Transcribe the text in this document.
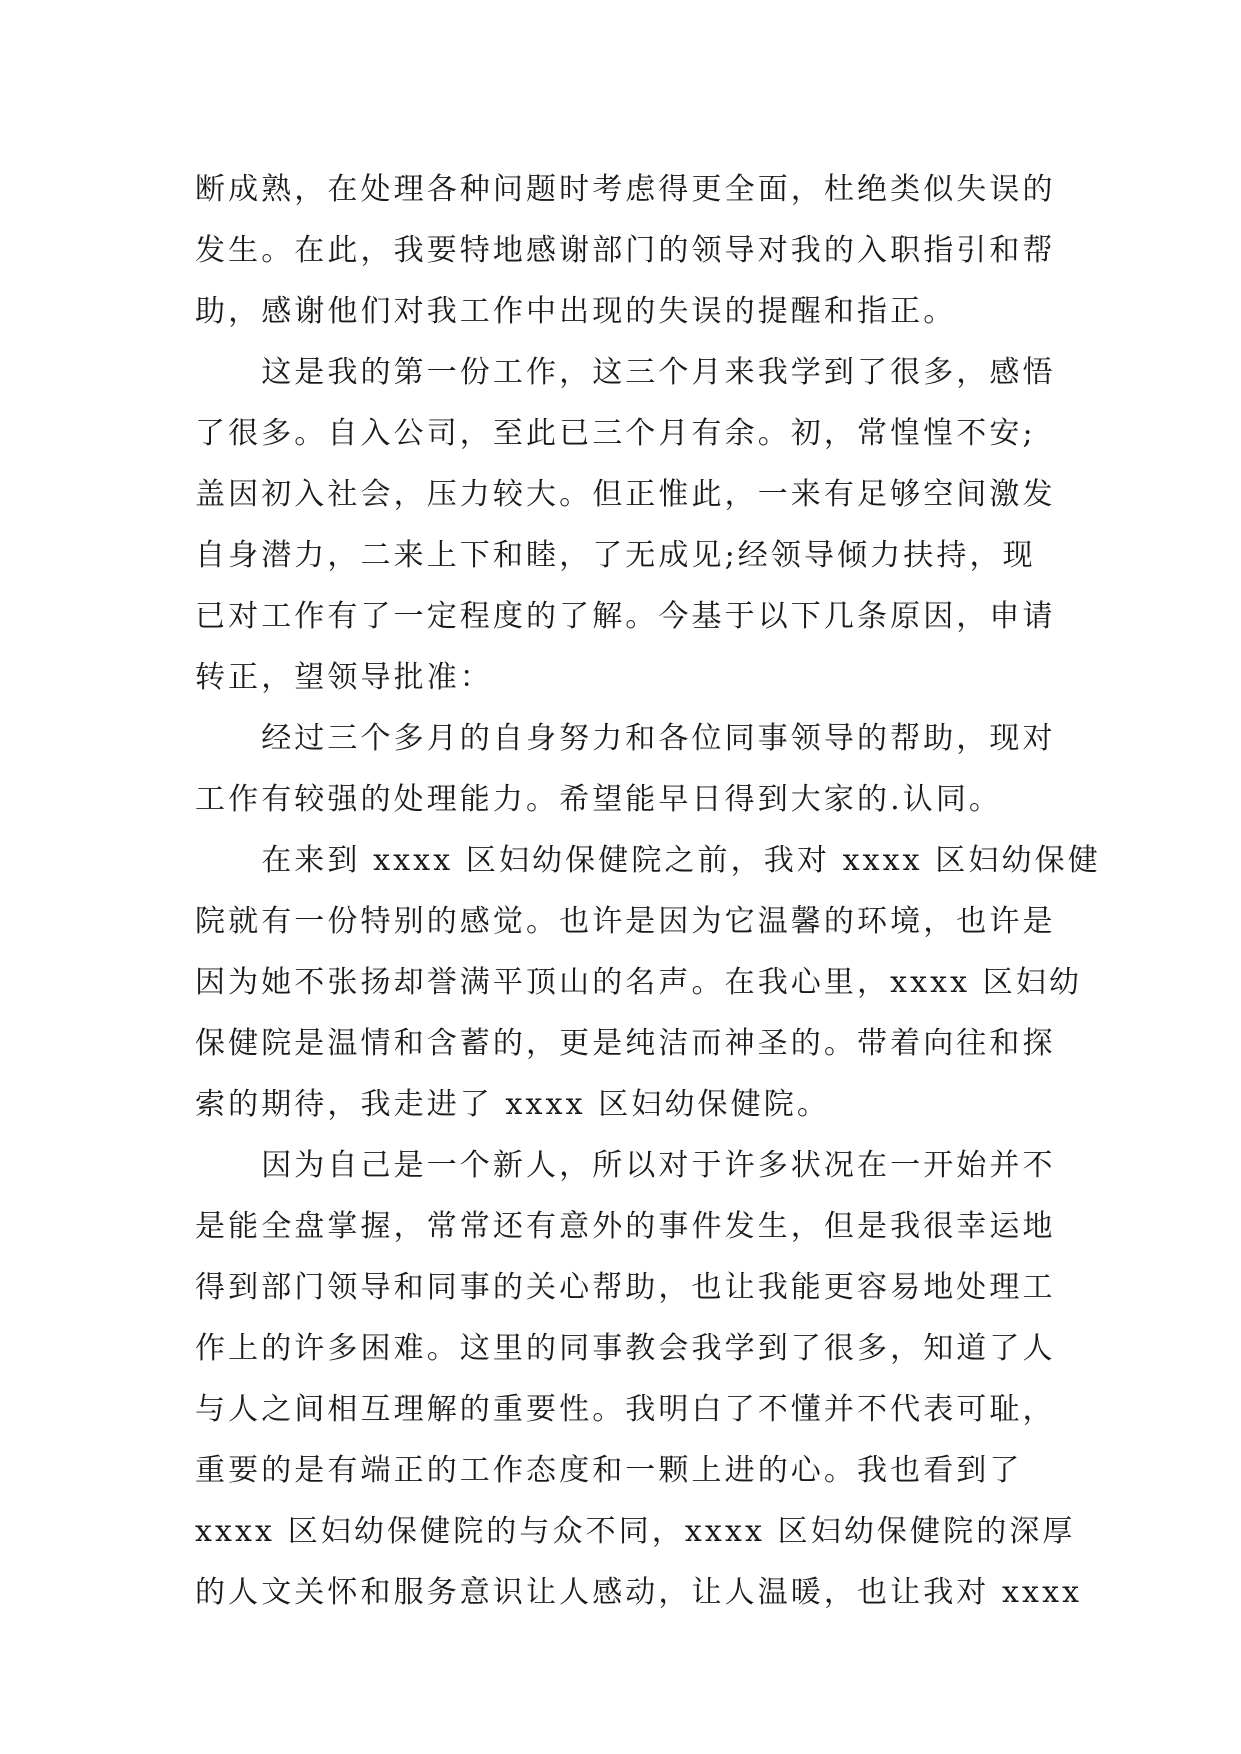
断成熟，在处理各种问题时考虑得更全面，杜绝类似失误的
发生。在此，我要特地感谢部门的领导对我的入职指引和帮
助，感谢他们对我工作中出现的失误的提醒和指正。
　　这是我的第一份工作，这三个月来我学到了很多，感悟
了很多。自入公司，至此已三个月有余。初，常惶惶不安;
盖因初入社会，压力较大。但正惟此，一来有足够空间激发
自身潜力，二来上下和睦，了无成见;经领导倾力扶持，现
已对工作有了一定程度的了解。今基于以下几条原因，申请
转正，望领导批准：
　　经过三个多月的自身努力和各位同事领导的帮助，现对
工作有较强的处理能力。希望能早日得到大家的.认同。
　　在来到 xxxx 区妇幼保健院之前，我对 xxxx 区妇幼保健
院就有一份特别的感觉。也许是因为它温馨的环境，也许是
因为她不张扬却誉满平顶山的名声。在我心里，xxxx 区妇幼
保健院是温情和含蓄的，更是纯洁而神圣的。带着向往和探
索的期待，我走进了 xxxx 区妇幼保健院。
　　因为自己是一个新人，所以对于许多状况在一开始并不
是能全盘掌握，常常还有意外的事件发生，但是我很幸运地
得到部门领导和同事的关心帮助，也让我能更容易地处理工
作上的许多困难。这里的同事教会我学到了很多，知道了人
与人之间相互理解的重要性。我明白了不懂并不代表可耻，
重要的是有端正的工作态度和一颗上进的心。我也看到了
xxxx 区妇幼保健院的与众不同，xxxx 区妇幼保健院的深厚
的人文关怀和服务意识让人感动，让人温暖，也让我对 xxxx
